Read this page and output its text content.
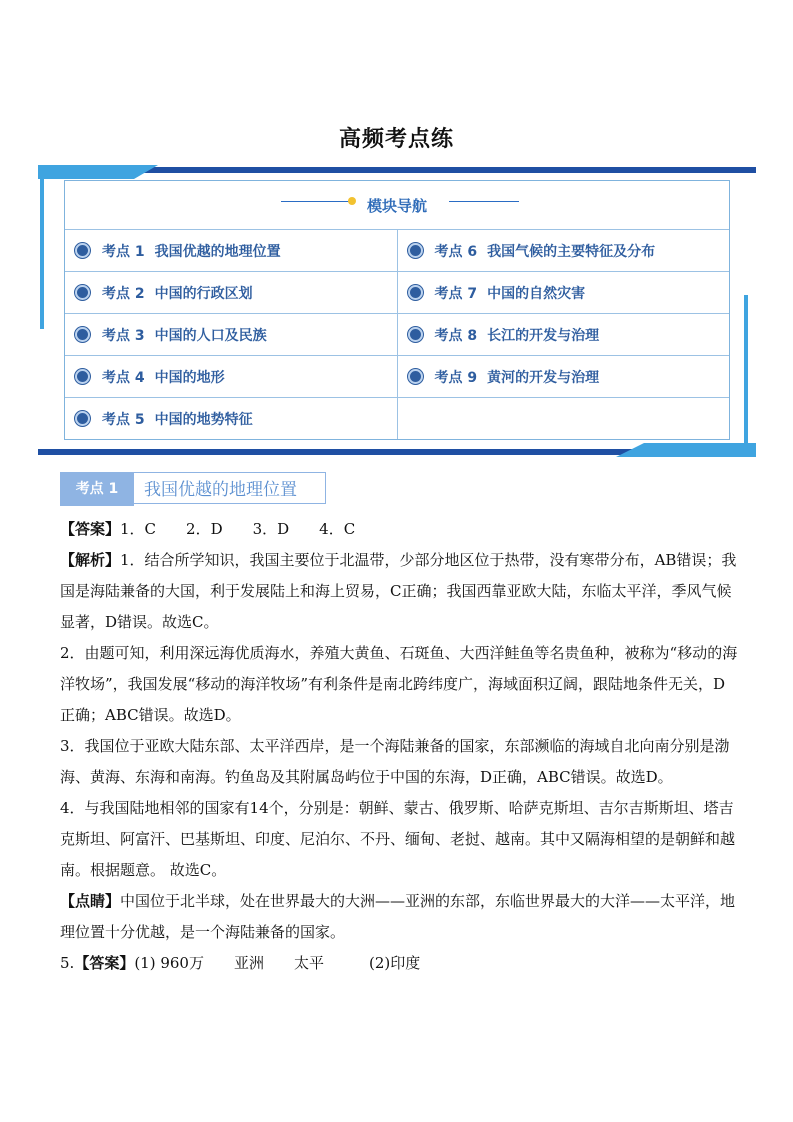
高频考点练
模块导航
考点 1 我国优越的地理位置	考点 6 我国气候的主要特征及分布

考点 2 中国的行政区划	考点 7 中国的自然灾害

考点 3 中国的人口及民族	考点 8 长江的开发与治理

考点 4 中国的地形	考点 9 黄河的开发与治理

考点 5 中国的地势特征	

考点 1	我国优越的地理位置

【答案】1．C　　2．D　　3．D　　4．C

【解析】1．结合所学知识，我国主要位于北温带，少部分地区位于热带，没有寒带分布，AB错误；我国是海陆兼备的大国，利于发展陆上和海上贸易，C正确；我国西靠亚欧大陆，东临太平洋，季风气候显著，D错误。故选C。

2．由题可知，利用深远海优质海水，养殖大黄鱼、石斑鱼、大西洋鲑鱼等名贵鱼种，被称为“移动的海洋牧场”，我国发展“移动的海洋牧场”有利条件是南北跨纬度广，海域面积辽阔，跟陆地条件无关，D正确；ABC错误。故选D。

3．我国位于亚欧大陆东部、太平洋西岸，是一个海陆兼备的国家，东部濒临的海域自北向南分别是渤海、黄海、东海和南海。钓鱼岛及其附属岛屿位于中国的东海，D正确，ABC错误。故选D。

4．与我国陆地相邻的国家有14个，分别是：朝鲜、蒙古、俄罗斯、哈萨克斯坦、吉尔吉斯斯坦、塔吉克斯坦、阿富汗、巴基斯坦、印度、尼泊尔、不丹、缅甸、老挝、越南。其中又隔海相望的是朝鲜和越南。根据题意。 故选C。

【点睛】中国位于北半球，处在世界最大的大洲——亚洲的东部，东临世界最大的大洋——太平洋，地理位置十分优越，是一个海陆兼备的国家。

5.【答案】(1) 960万　　亚洲　　太平　　　(2)印度
